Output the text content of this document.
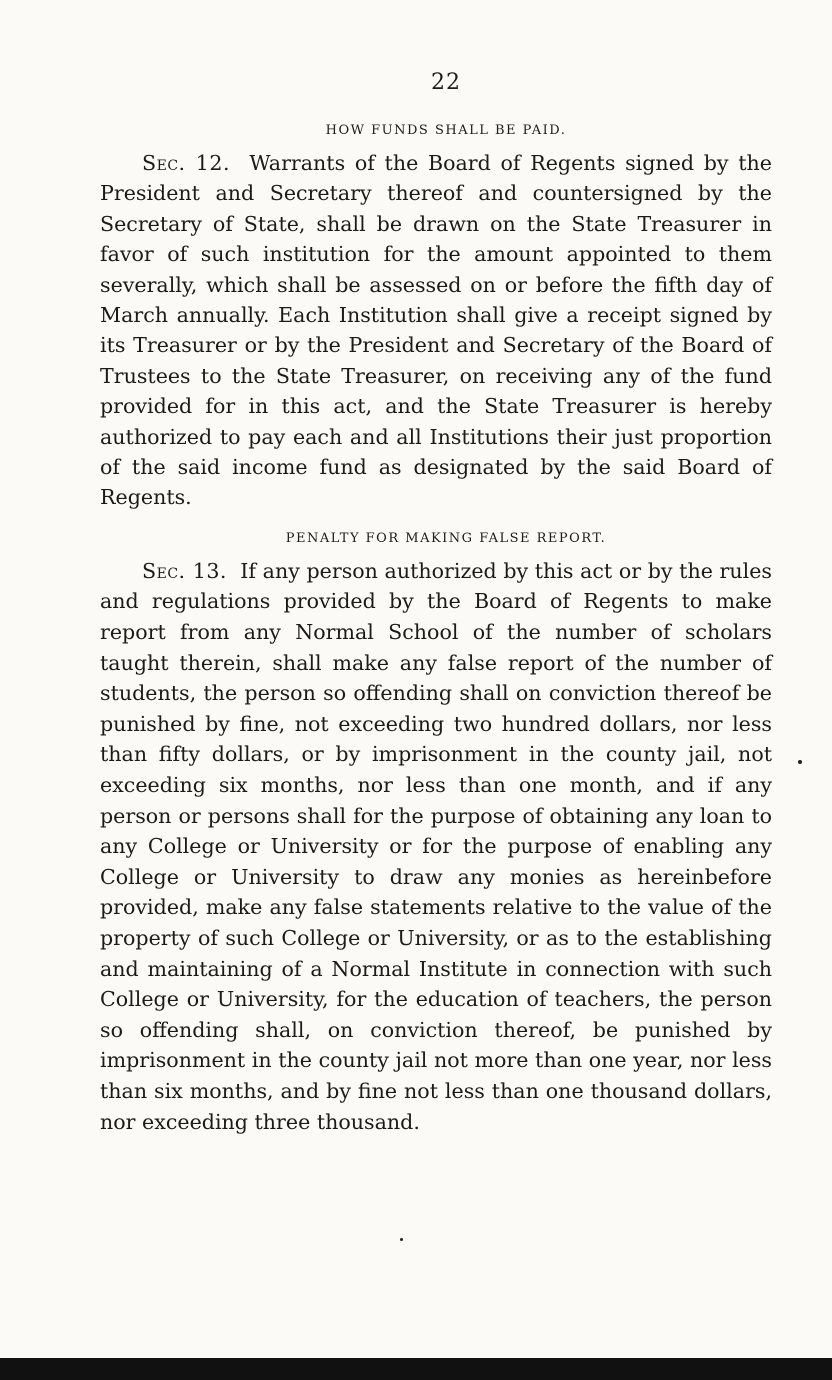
22
HOW FUNDS SHALL BE PAID.

Sec. 12. Warrants of the Board of Regents signed by the President and Secretary thereof and countersigned by the Secretary of State, shall be drawn on the State Treasurer in favor of such institution for the amount appointed to them severally, which shall be assessed on or before the fifth day of March annually. Each Institution shall give a receipt signed by its Treasurer or by the President and Secretary of the Board of Trustees to the State Treasurer, on receiving any of the fund provided for in this act, and the State Treasurer is hereby authorized to pay each and all Institutions their just proportion of the said income fund as designated by the said Board of Regents.

PENALTY FOR MAKING FALSE REPORT.

Sec. 13. If any person authorized by this act or by the rules and regulations provided by the Board of Regents to make report from any Normal School of the number of scholars taught therein, shall make any false report of the number of students, the person so offending shall on conviction thereof be punished by fine, not exceeding two hundred dollars, nor less than fifty dollars, or by imprisonment in the county jail, not exceeding six months, nor less than one month, and if any person or persons shall for the purpose of obtaining any loan to any College or University or for the purpose of enabling any College or University to draw any monies as hereinbefore provided, make any false statements relative to the value of the property of such College or University, or as to the establishing and maintaining of a Normal Institute in connection with such College or University, for the education of teachers, the person so offending shall, on conviction thereof, be punished by imprisonment in the county jail not more than one year, nor less than six months, and by fine not less than one thousand dollars, nor exceeding three thousand.
